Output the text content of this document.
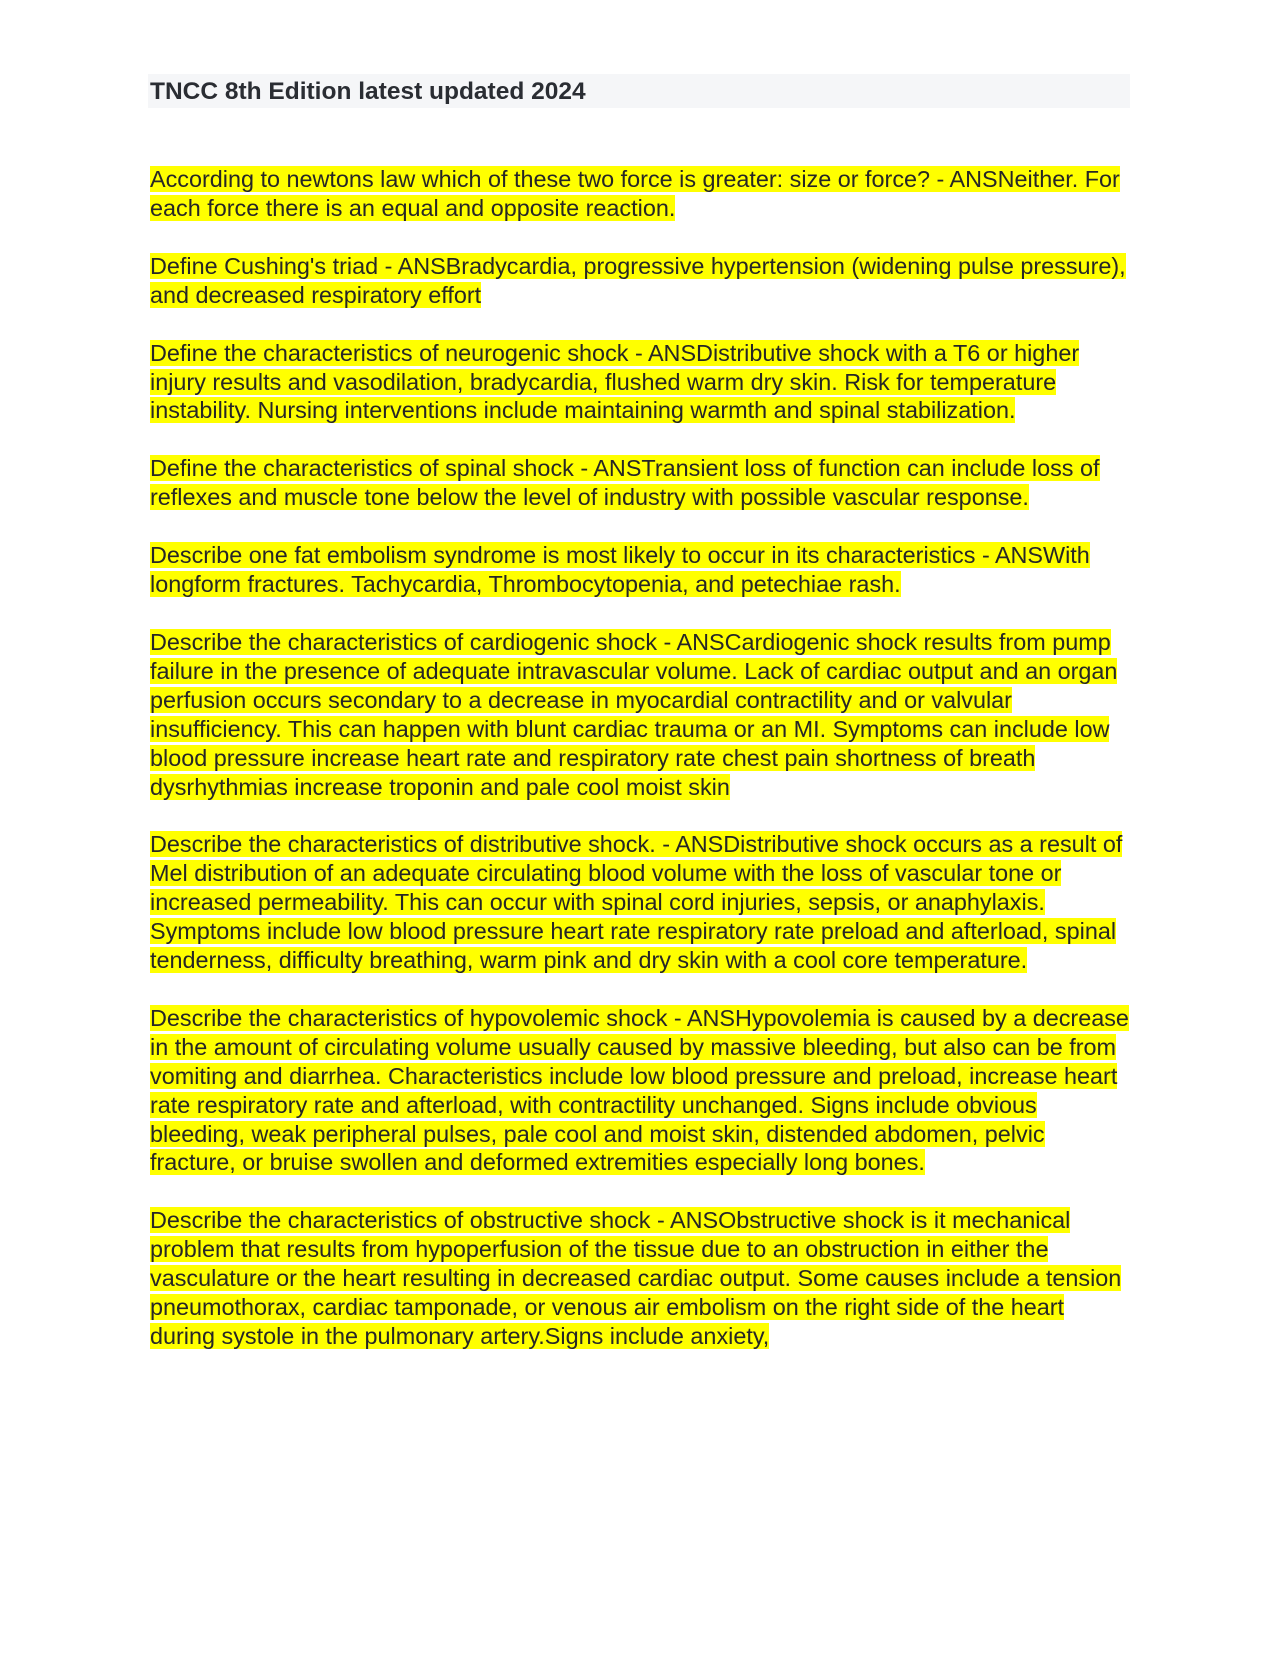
TNCC 8th Edition latest updated 2024

According to newtons law which of these two force is greater: size or force? - ANSNeither. For each force there is an equal and opposite reaction.

Define Cushing's triad - ANSBradycardia, progressive hypertension (widening pulse pressure), and decreased respiratory effort

Define the characteristics of neurogenic shock - ANSDistributive shock with a T6 or higher injury results and vasodilation, bradycardia, flushed warm dry skin. Risk for temperature instability. Nursing interventions include maintaining warmth and spinal stabilization.

Define the characteristics of spinal shock - ANSTransient loss of function can include loss of reflexes and muscle tone below the level of industry with possible vascular response.

Describe one fat embolism syndrome is most likely to occur in its characteristics - ANSWith longform fractures. Tachycardia, Thrombocytopenia, and petechiae rash.

Describe the characteristics of cardiogenic shock - ANSCardiogenic shock results from pump failure in the presence of adequate intravascular volume. Lack of cardiac output and an organ perfusion occurs secondary to a decrease in myocardial contractility and or valvular insufficiency. This can happen with blunt cardiac trauma or an MI. Symptoms can include low blood pressure increase heart rate and respiratory rate chest pain shortness of breath dysrhythmias increase troponin and pale cool moist skin

Describe the characteristics of distributive shock. - ANSDistributive shock occurs as a result of Mel distribution of an adequate circulating blood volume with the loss of vascular tone or increased permeability. This can occur with spinal cord injuries, sepsis, or anaphylaxis. Symptoms include low blood pressure heart rate respiratory rate preload and afterload, spinal tenderness, difficulty breathing, warm pink and dry skin with a cool core temperature.

Describe the characteristics of hypovolemic shock - ANSHypovolemia is caused by a decrease in the amount of circulating volume usually caused by massive bleeding, but also can be from vomiting and diarrhea. Characteristics include low blood pressure and preload, increase heart rate respiratory rate and afterload, with contractility unchanged. Signs include obvious bleeding, weak peripheral pulses, pale cool and moist skin, distended abdomen, pelvic fracture, or bruise swollen and deformed extremities especially long bones.

Describe the characteristics of obstructive shock - ANSObstructive shock is it mechanical problem that results from hypoperfusion of the tissue due to an obstruction in either the vasculature or the heart resulting in decreased cardiac output. Some causes include a tension pneumothorax, cardiac tamponade, or venous air embolism on the right side of the heart during systole in the pulmonary artery.Signs include anxiety,
